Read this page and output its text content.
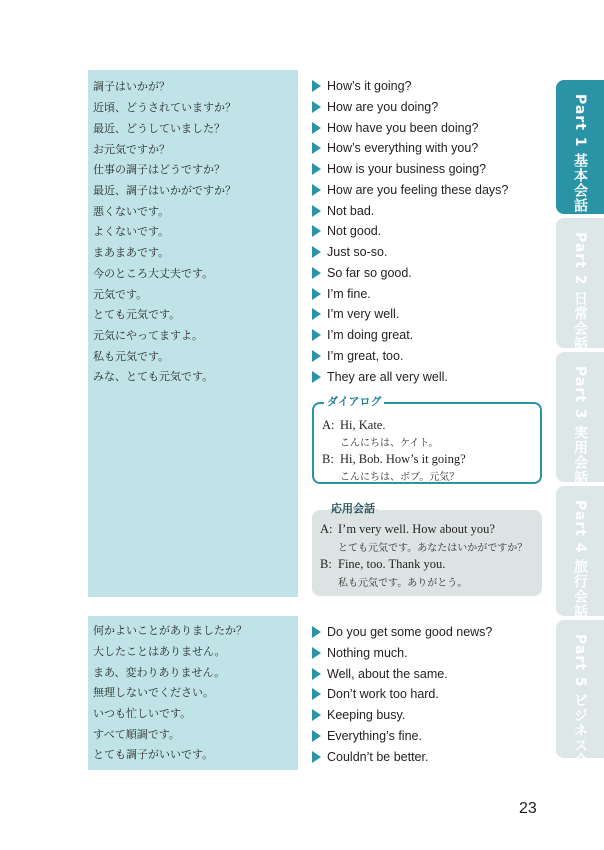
調子はいかが？
近頃、どうされていますか？
最近、どうしていました？
お元気ですか？
仕事の調子はどうですか？
最近、調子はいかがですか？
悪くないです。
よくないです。
まあまあです。
今のところ大丈夫です。
元気です。
とても元気です。
元気にやってますよ。
私も元気です。
みな、とても元気です。
How’s it going?
How are you doing?
How have you been doing?
How’s everything with you?
How is your business going?
How are you feeling these days?
Not bad.
Not good.
Just so-so.
So far so good.
I’m fine.
I’m very well.
I’m doing great.
I’m great, too.
They are all very well.
ダイアログ
A: Hi, Kate.
こんにちは、ケイト。
B: Hi, Bob. How’s it going?
こんにちは、ボブ。元気？
応用会話
A: I’m very well. How about you?
とても元気です。あなたはいかがですか？
B: Fine, too. Thank you.
私も元気です。ありがとう。
何かよいことがありましたか？
大したことはありません。
まあ、変わりありません。
無理しないでください。
いつも忙しいです。
すべて順調です。
とても調子がいいです。
Do you get some good news?
Nothing much.
Well, about the same.
Don’t work too hard.
Keeping busy.
Everything’s fine.
Couldn’t be better.
Part 1 基本会話
Part 2 日常会話
Part 3 実用会話
Part 4 旅行会話
Part 5 ビジネス会話
23
